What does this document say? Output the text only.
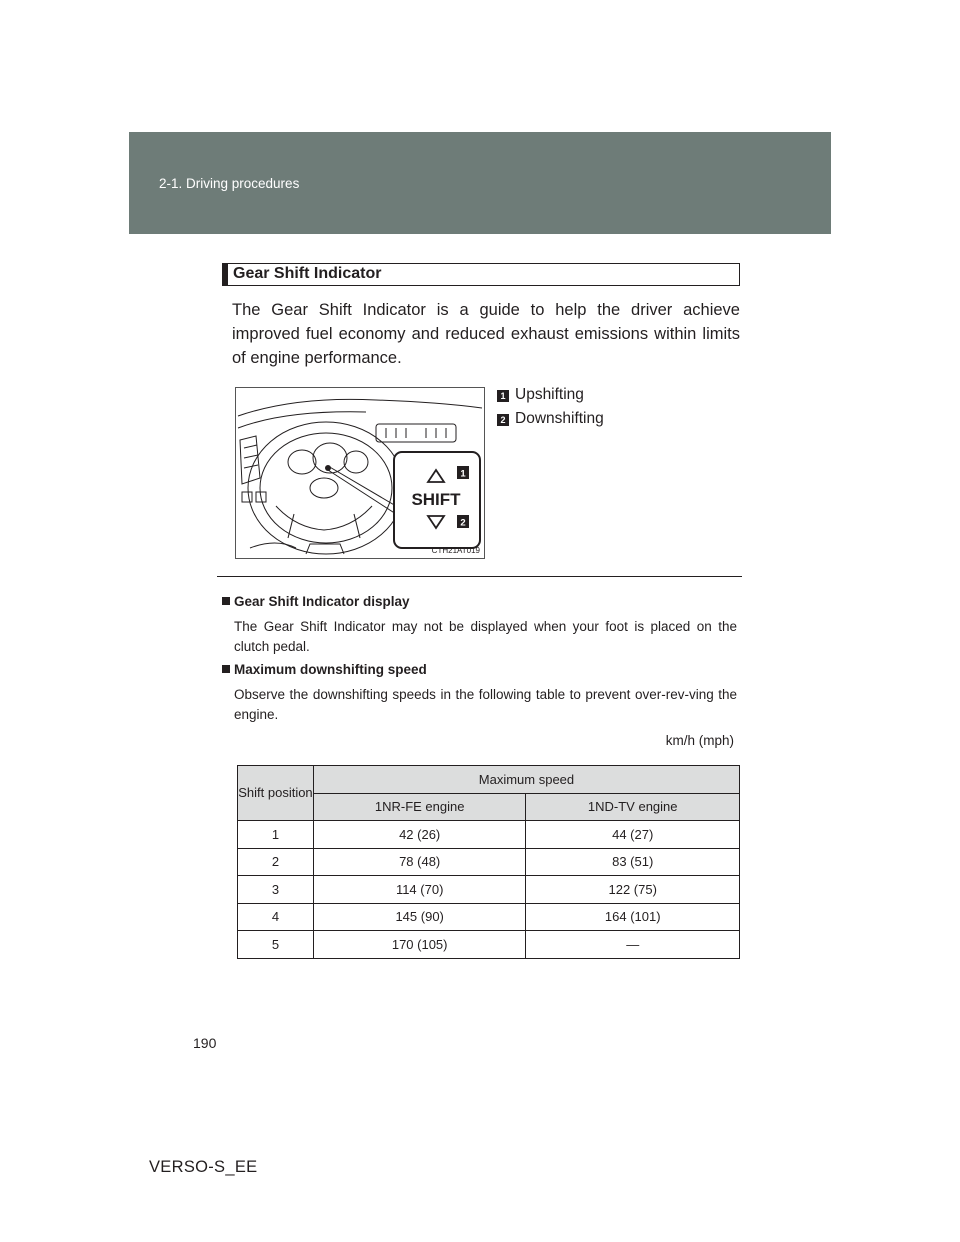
2-1. Driving procedures
Gear Shift Indicator
The Gear Shift Indicator is a guide to help the driver achieve improved fuel economy and reduced exhaust emissions within limits of engine performance.
SHIFT
1
2
CTH21AT019
1 Upshifting
2 Downshifting
Gear Shift Indicator display
The Gear Shift Indicator may not be displayed when your foot is placed on the clutch pedal.
Maximum downshifting speed
Observe the downshifting speeds in the following table to prevent over-rev-ving the engine.
km/h (mph)
Shift position	Maximum speed	
	1NR-FE engine	1ND-TV engine
1	42 (26)	44 (27)
2	78 (48)	83 (51)
3	114 (70)	122 (75)
4	145 (90)	164 (101)
5	170 (105)	—
190
VERSO-S_EE
